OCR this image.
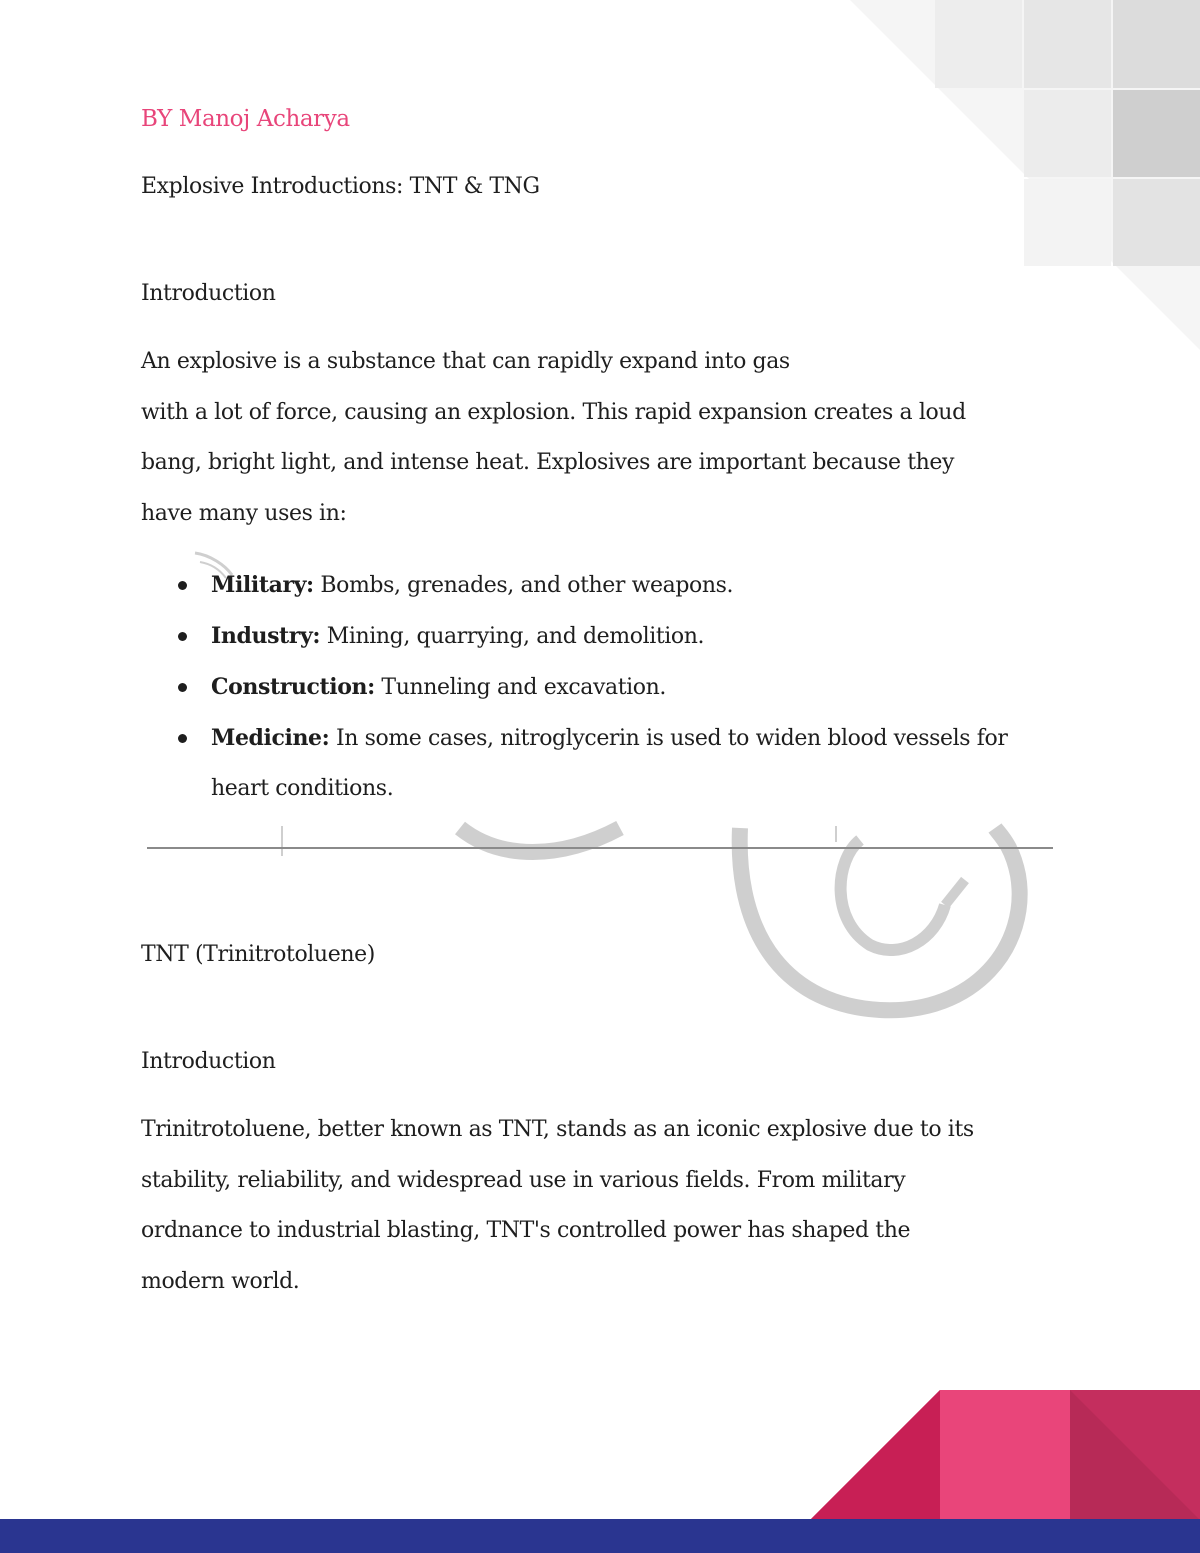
BY Manoj Acharya

Explosive Introductions: TNT & TNG

Introduction

An explosive is a substance that can rapidly expand into gas
with a lot of force, causing an explosion. This rapid expansion creates a loud
bang, bright light, and intense heat. Explosives are important because they
have many uses in:

Military: Bombs, grenades, and other weapons.
Industry: Mining, quarrying, and demolition.
Construction: Tunneling and excavation.
Medicine: In some cases, nitroglycerin is used to widen blood vessels for
heart conditions.

TNT (Trinitrotoluene)

Introduction

Trinitrotoluene, better known as TNT, stands as an iconic explosive due to its
stability, reliability, and widespread use in various fields. From military
ordnance to industrial blasting, TNT's controlled power has shaped the
modern world.
